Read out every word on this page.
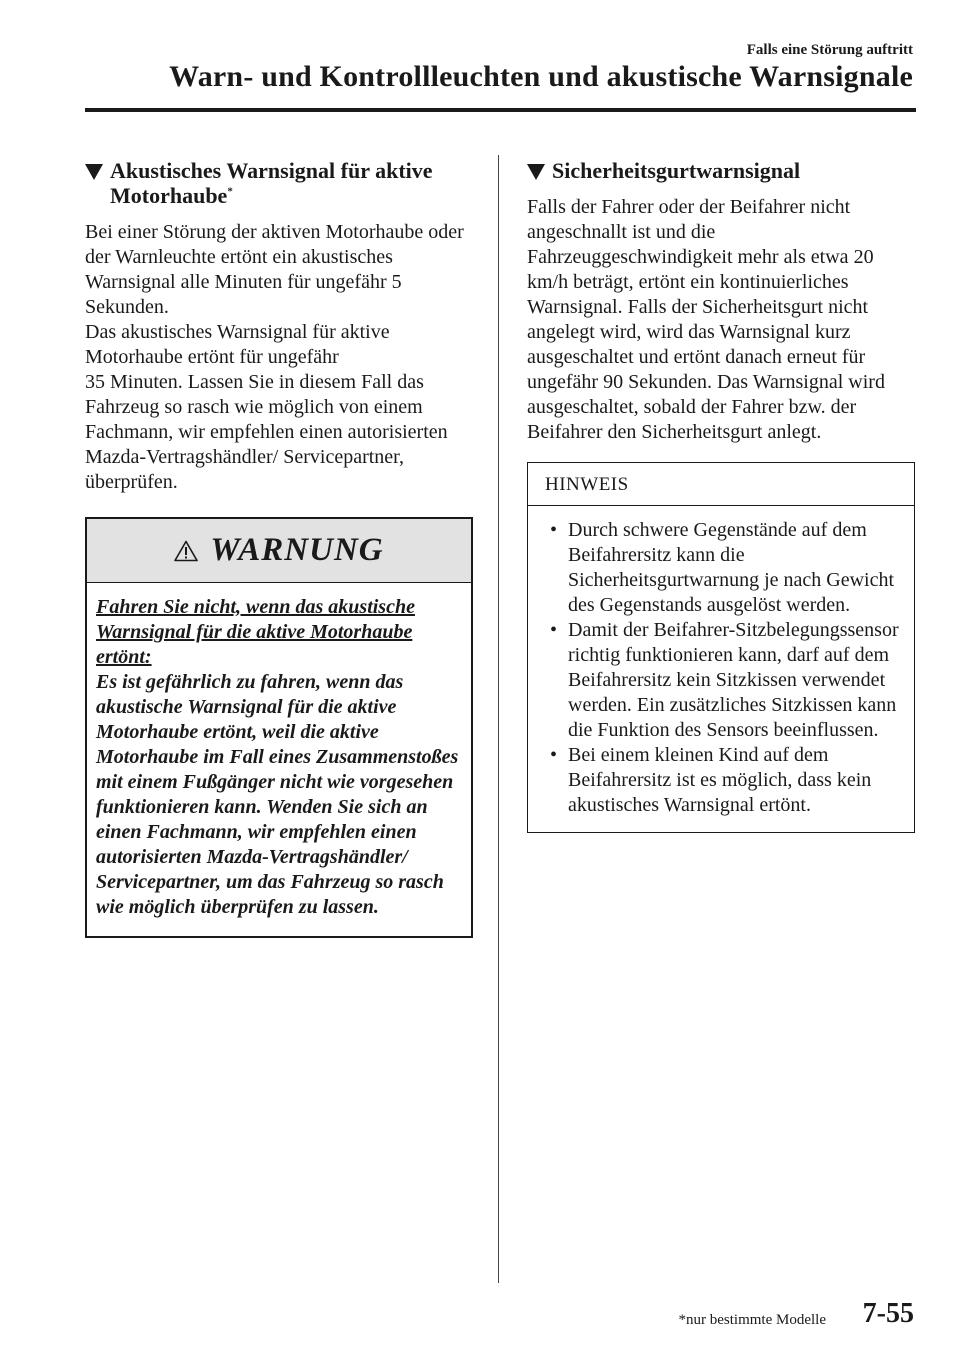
Falls eine Störung auftritt
Warn- und Kontrollleuchten und akustische Warnsignale
Akustisches Warnsignal für aktive Motorhaube*

Bei einer Störung der aktiven Motorhaube oder der Warnleuchte ertönt ein akustisches Warnsignal alle Minuten für ungefähr 5 Sekunden.
Das akustisches Warnsignal für aktive Motorhaube ertönt für ungefähr
35 Minuten. Lassen Sie in diesem Fall das Fahrzeug so rasch wie möglich von einem Fachmann, wir empfehlen einen autorisierten Mazda-Vertragshändler/ Servicepartner, überprüfen.

WARNUNG

Fahren Sie nicht, wenn das akustische Warnsignal für die aktive Motorhaube ertönt:

Es ist gefährlich zu fahren, wenn das akustische Warnsignal für die aktive Motorhaube ertönt, weil die aktive Motorhaube im Fall eines Zusammenstoßes mit einem Fußgänger nicht wie vorgesehen funktionieren kann. Wenden Sie sich an einen Fachmann, wir empfehlen einen autorisierten Mazda-Vertragshändler/ Servicepartner, um das Fahrzeug so rasch wie möglich überprüfen zu lassen.

Sicherheitsgurtwarnsignal

Falls der Fahrer oder der Beifahrer nicht angeschnallt ist und die Fahrzeuggeschwindigkeit mehr als etwa 20 km/h beträgt, ertönt ein kontinuierliches Warnsignal. Falls der Sicherheitsgurt nicht angelegt wird, wird das Warnsignal kurz ausgeschaltet und ertönt danach erneut für ungefähr 90 Sekunden. Das Warnsignal wird ausgeschaltet, sobald der Fahrer bzw. der Beifahrer den Sicherheitsgurt anlegt.

HINWEIS
• Durch schwere Gegenstände auf dem Beifahrersitz kann die Sicherheitsgurtwarnung je nach Gewicht des Gegenstands ausgelöst werden.
• Damit der Beifahrer-Sitzbelegungssensor richtig funktionieren kann, darf auf dem Beifahrersitz kein Sitzkissen verwendet werden. Ein zusätzliches Sitzkissen kann die Funktion des Sensors beeinflussen.
• Bei einem kleinen Kind auf dem Beifahrersitz ist es möglich, dass kein akustisches Warnsignal ertönt.
*nur bestimmte Modelle 7-55
